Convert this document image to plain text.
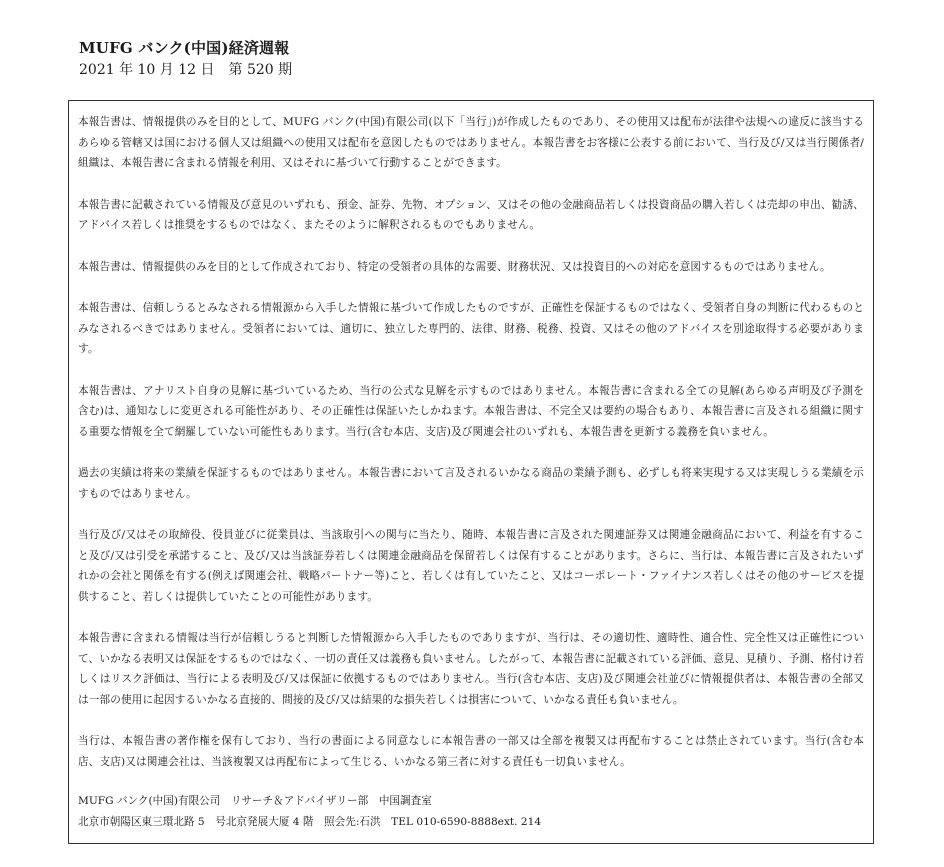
MUFG バンク(中国)経済週報
2021 年 10 月 12 日　第 520 期

本報告書は、情報提供のみを目的として、MUFG バンク(中国)有限公司(以下「当行」)が作成したものであり、その使用又は配布が法律や法規への違反に該当するあらゆる管轄又は国における個人又は組織への使用又は配布を意図したものではありません。本報告書をお客様に公表する前において、当行及び/又は当行関係者/組織は、本報告書に含まれる情報を利用、又はそれに基づいて行動することができます。

本報告書に記載されている情報及び意見のいずれも、預金、証券、先物、オプション、又はその他の金融商品若しくは投資商品の購入若しくは売却の申出、勧誘、アドバイス若しくは推奨をするものではなく、またそのように解釈されるものでもありません。

本報告書は、情報提供のみを目的として作成されており、特定の受領者の具体的な需要、財務状況、又は投資目的への対応を意図するものではありません。

本報告書は、信頼しうるとみなされる情報源から入手した情報に基づいて作成したものですが、正確性を保証するものではなく、受領者自身の判断に代わるものとみなされるべきではありません。受領者においては、適切に、独立した専門的、法律、財務、税務、投資、又はその他のアドバイスを別途取得する必要があります。

本報告書は、アナリスト自身の見解に基づいているため、当行の公式な見解を示すものではありません。本報告書に含まれる全ての見解(あらゆる声明及び予測を含む)は、通知なしに変更される可能性があり、その正確性は保証いたしかねます。本報告書は、不完全又は要約の場合もあり、本報告書に言及される組織に関する重要な情報を全て網羅していない可能性もあります。当行(含む本店、支店)及び関連会社のいずれも、本報告書を更新する義務を負いません。

過去の実績は将来の業績を保証するものではありません。本報告書において言及されるいかなる商品の業績予測も、必ずしも将来実現する又は実現しうる業績を示すものではありません。

当行及び/又はその取締役、役員並びに従業員は、当該取引への関与に当たり、随時、本報告書に言及された関連証券又は関連金融商品において、利益を有すること及び/又は引受を承諾すること、及び/又は当該証券若しくは関連金融商品を保留若しくは保有することがあります。さらに、当行は、本報告書に言及されたいずれかの会社と関係を有する(例えば関連会社、戦略パートナー等)こと、若しくは有していたこと、又はコーポレート・ファイナンス若しくはその他のサービスを提供すること、若しくは提供していたことの可能性があります。

本報告書に含まれる情報は当行が信頼しうると判断した情報源から入手したものでありますが、当行は、その適切性、適時性、適合性、完全性又は正確性について、いかなる表明又は保証をするものではなく、一切の責任又は義務も負いません。したがって、本報告書に記載されている評価、意見、見積り、予測、格付け若しくはリスク評価は、当行による表明及び/又は保証に依拠するものではありません。当行(含む本店、支店)及び関連会社並びに情報提供者は、本報告書の全部又は一部の使用に起因するいかなる直接的、間接的及び/又は結果的な損失若しくは損害について、いかなる責任も負いません。

当行は、本報告書の著作権を保有しており、当行の書面による同意なしに本報告書の一部又は全部を複製又は再配布することは禁止されています。当行(含む本店、支店)又は関連会社は、当該複製又は再配布によって生じる、いかなる第三者に対する責任も一切負いません。

MUFG バンク(中国)有限公司　リサーチ＆アドバイザリー部　中国調査室
北京市朝陽区東三環北路 5　号北京発展大厦 4 階　照会先:石洪　TEL 010-6590-8888ext. 214
